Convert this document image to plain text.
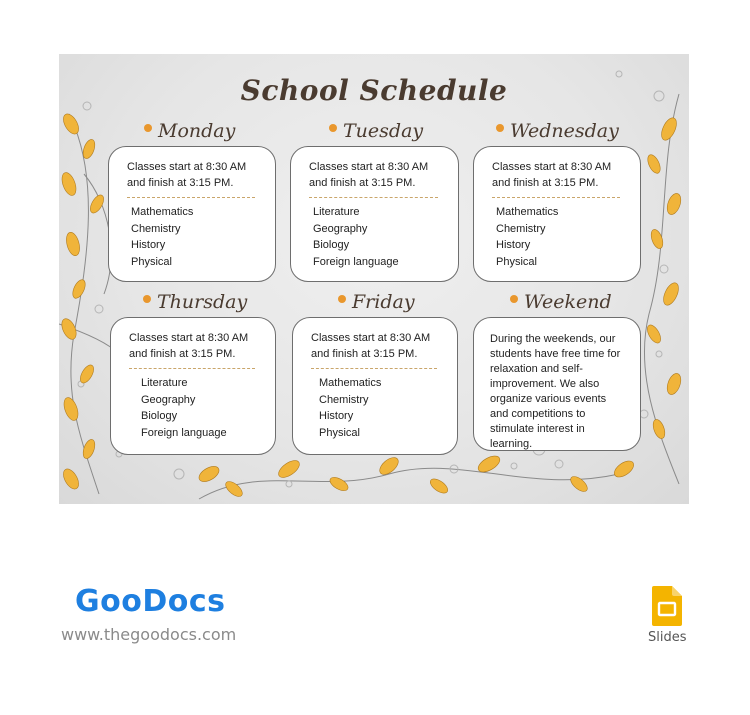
School Schedule
Monday
Classes start at 8:30 AM and finish at 3:15 PM.
Mathematics
Chemistry
History
Physical
Tuesday
Classes start at 8:30 AM and finish at 3:15 PM.
Literature
Geography
Biology
Foreign language
Wednesday
Classes start at 8:30 AM and finish at 3:15 PM.
Mathematics
Chemistry
History
Physical
Thursday
Classes start at 8:30 AM and finish at 3:15 PM.
Literature
Geography
Biology
Foreign language
Friday
Classes start at 8:30 AM and finish at 3:15 PM.
Mathematics
Chemistry
History
Physical
Weekend
During the weekends, our students have free time for relaxation and self-improvement. We also organize various events and competitions to stimulate interest in learning.
GooDocs
www.thegoodocs.com	Slides
